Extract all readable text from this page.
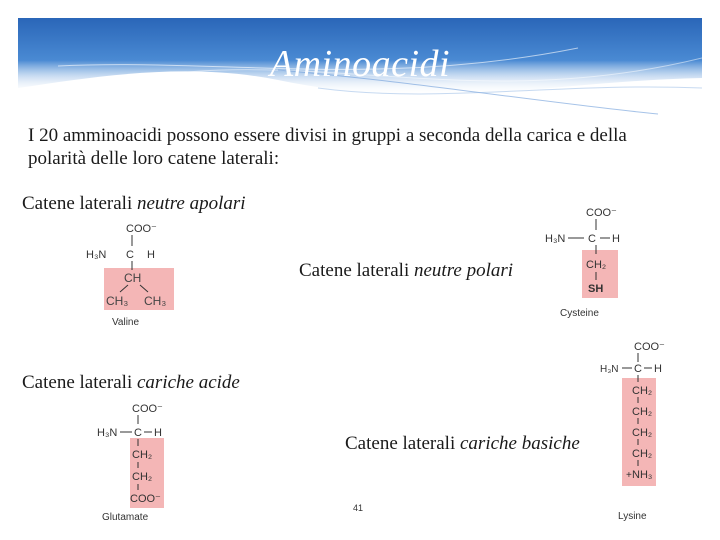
Aminoacidi
I 20 amminoacidi possono essere divisi in gruppi a seconda della carica e della polarità delle loro catene laterali:
Catene laterali neutre apolari
Catene laterali neutre polari
Catene laterali cariche acide
Catene laterali cariche basiche
COO⁻
H₃N C H
CH
CH₃ CH₃
Valine
COO⁻
H₃N C H
CH₂
SH
Cysteine
COO⁻
H₃N C H
CH₂
CH₂
COO⁻
Glutamate
COO⁻
H₃N C H
CH₂
CH₂
CH₂
CH₂
+ NH₃
Lysine
41
